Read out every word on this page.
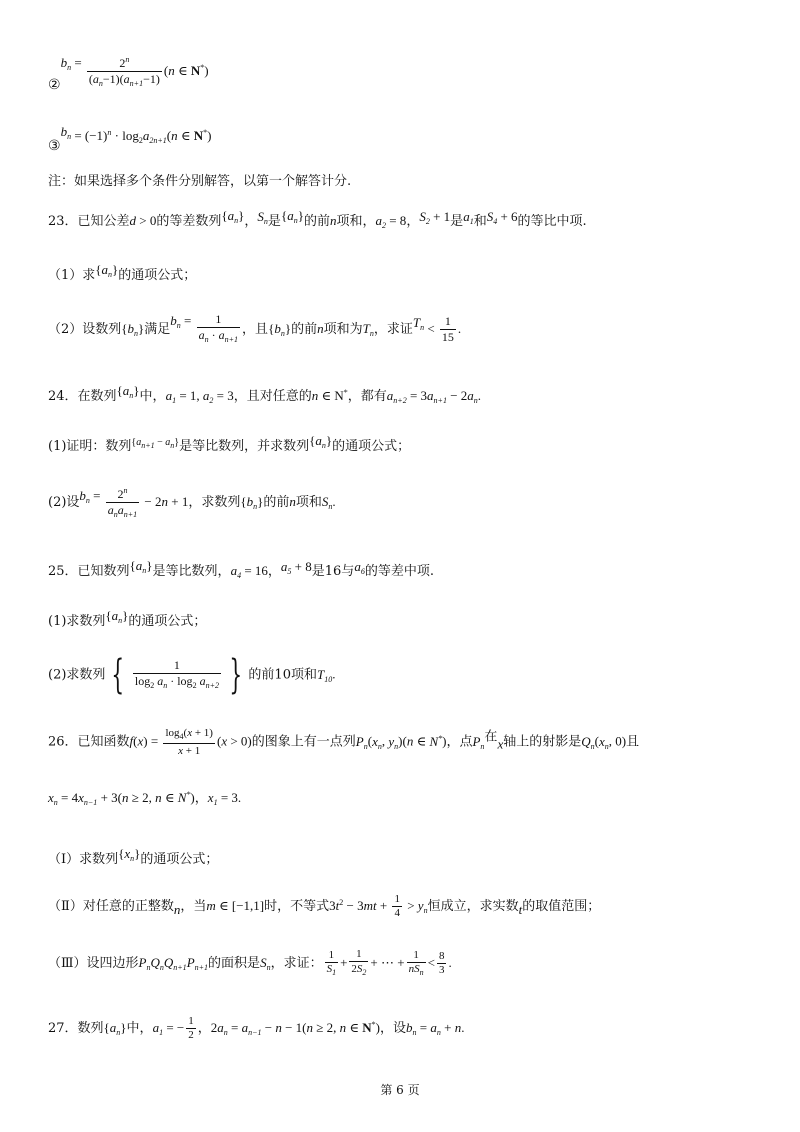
$②b_n = \frac{2^n}{(a_n-1)(a_{n+1}-1)} (n$ ∈ N*)
$③b_n = (-1)^n \cdot \log_2a_{2n+1}(n$ ∈ N*)
注：如果选择多个条件分别解答，以第一个解答计分.
23．已知公差d > 0的等差数列$\{a_n\}$，$S_n$是$\{a_n\}$的前n项和，$a_2 = 8$，$S_2 + 1$是$a_1$和$S_4 + 6$的等比中项.
（1）求$\{a_n\}$的通项公式；
（2）设数列$\{b_n\}$满足$b_n = \frac{1}{a_n \cdot a_{n+1}}$ ，且$\{b_n\}$的前n项和为$T_n$，求证$T_n < \frac{1}{15}$ .
24．在数列$\{a_n\}$中，$a_1 = 1$, $a_2 = 3$，且对任意的n ∈ N*，都有$a_{n+2} = 3a_{n+1} - 2a_n$.
(1)证明：数列$^{\{a_{n+1}}$ − $^{a_n\}}$是等比数列，并求数列$\{a_n\}$的通项公式；
(2)设$b_n = \frac{2^n}{a_na_{n+1}} - 2n + 1$，求数列$\{b_n\}$的前n项和$S_n$.
25．已知数列$\{a_n\}$是等比数列，$a_4 = 16$，$a_5 + 8$是16与$a_6$的等差中项.
(1)求数列$\{a_n\}$的通项公式；
(2)求数列 { $\frac{1}{\log_2 a_n \cdot \log_2 a_{n+2}}$ } 的前10项和$T_{10}$.
26．已知函数$f(x) = \frac{\log_4(x + 1)}{x + 1} (x > 0)$的图象上有一点列$P_n(x_n$, $y_n)(n$ ∈ N*)，点$P_n$在x轴上的射影是$Q_n(x_n$, 0)且
$x_n = 4x_{n-1} + 3(n \ge 2$, n ∈ N*)，$x_1 = 3$.
（Ⅰ）求数列$\{x_n\}$的通项公式；
（Ⅱ）对任意的正整数n，当m ∈ [−1,1]时，不等式$3t^2 - 3mt + \frac{1}{4} > y_n$恒成立，求实数t的取值范围；
（Ⅲ）设四边形$P_nQ_nQ_{n+1}P_{n+1}$的面积是$S_n$，求证： $\frac{1}{S_1} + \frac{1}{2S_2}$ + ⋯ + $\frac{1}{nS_n} < \frac{8}{3}$ .
27．数列$\{a_n\}$中，$a_1$ = − $\frac{1}{2}$ ，$2a_n = a_{n-1} - n - 1(n \ge 2$, n ∈ N*)，设$b_n = a_n + n$.
第 6 页
